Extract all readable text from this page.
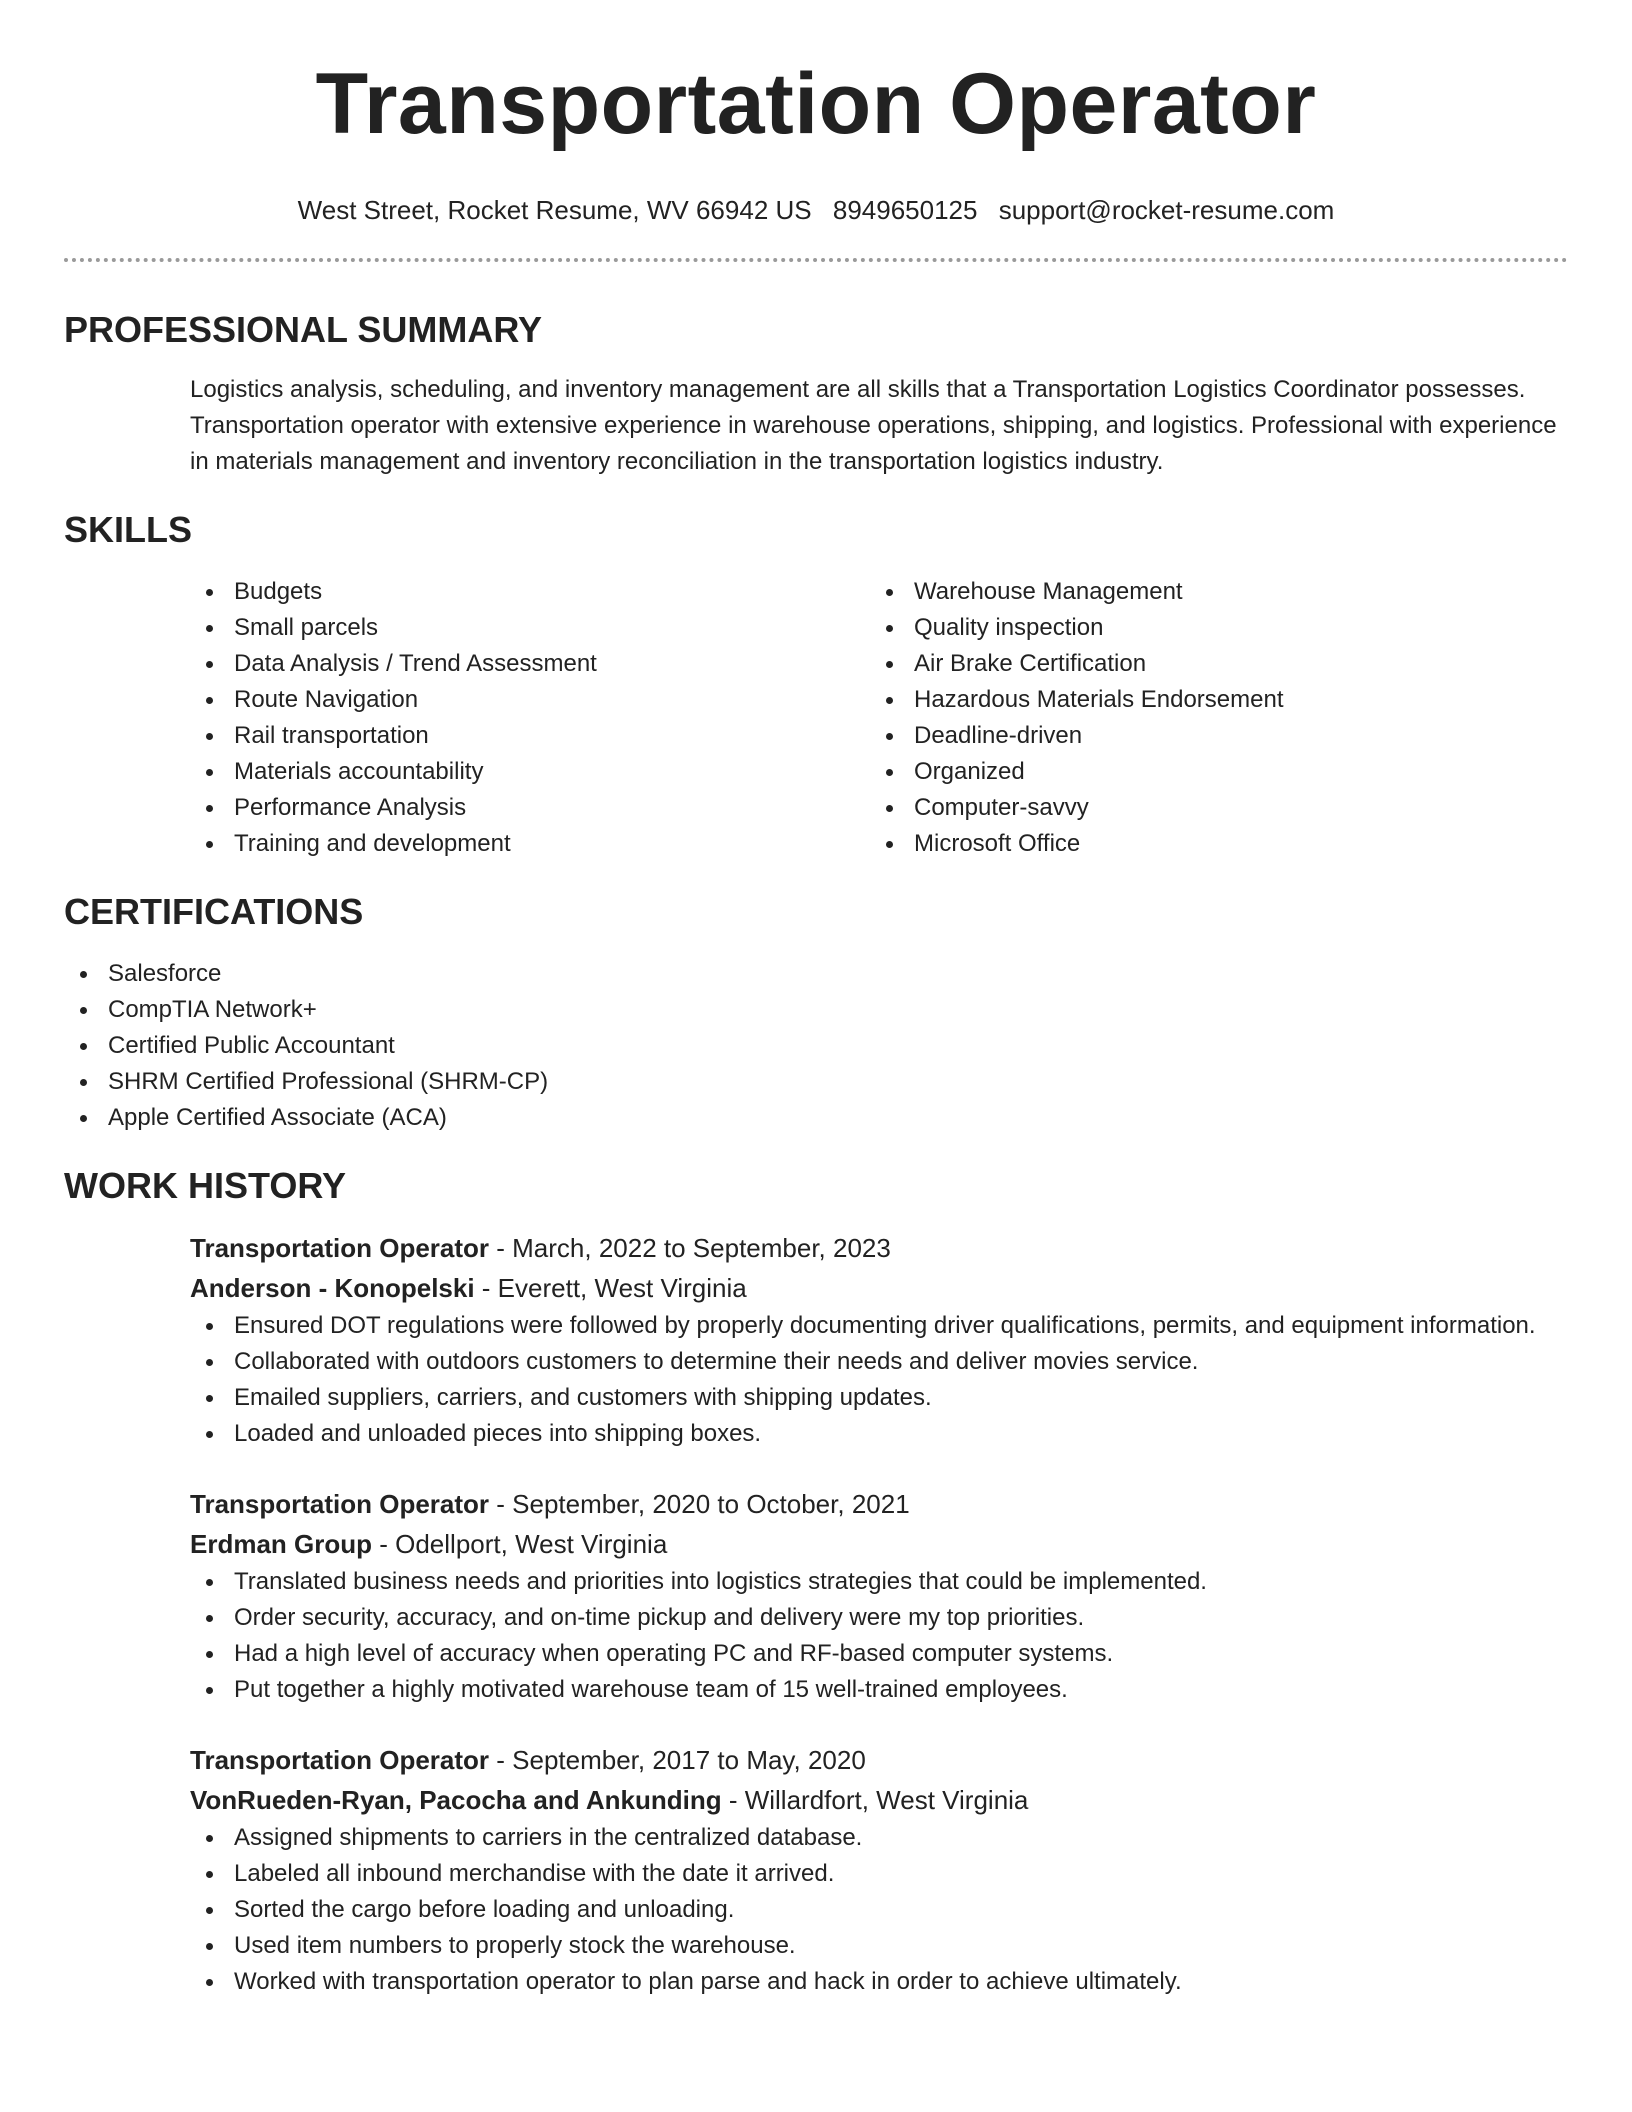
Transportation Operator
West Street, Rocket Resume, WV 66942 US 8949650125 support@rocket-resume.com
PROFESSIONAL SUMMARY

Logistics analysis, scheduling, and inventory management are all skills that a Transportation Logistics Coordinator possesses. Transportation operator with extensive experience in warehouse operations, shipping, and logistics. Professional with experience in materials management and inventory reconciliation in the transportation logistics industry.

SKILLS
Budgets
Small parcels
Data Analysis / Trend Assessment
Route Navigation
Rail transportation
Materials accountability
Performance Analysis
Training and development
Warehouse Management
Quality inspection
Air Brake Certification
Hazardous Materials Endorsement
Deadline-driven
Organized
Computer-savvy
Microsoft Office
CERTIFICATIONS
Salesforce
CompTIA Network+
Certified Public Accountant
SHRM Certified Professional (SHRM-CP)
Apple Certified Associate (ACA)
WORK HISTORY
Transportation Operator - March, 2022 to September, 2023
Anderson - Konopelski - Everett, West Virginia
Ensured DOT regulations were followed by properly documenting driver qualifications, permits, and equipment information.
Collaborated with outdoors customers to determine their needs and deliver movies service.
Emailed suppliers, carriers, and customers with shipping updates.
Loaded and unloaded pieces into shipping boxes.
Transportation Operator - September, 2020 to October, 2021
Erdman Group - Odellport, West Virginia
Translated business needs and priorities into logistics strategies that could be implemented.
Order security, accuracy, and on-time pickup and delivery were my top priorities.
Had a high level of accuracy when operating PC and RF-based computer systems.
Put together a highly motivated warehouse team of 15 well-trained employees.
Transportation Operator - September, 2017 to May, 2020
VonRueden-Ryan, Pacocha and Ankunding - Willardfort, West Virginia
Assigned shipments to carriers in the centralized database.
Labeled all inbound merchandise with the date it arrived.
Sorted the cargo before loading and unloading.
Used item numbers to properly stock the warehouse.
Worked with transportation operator to plan parse and hack in order to achieve ultimately.
